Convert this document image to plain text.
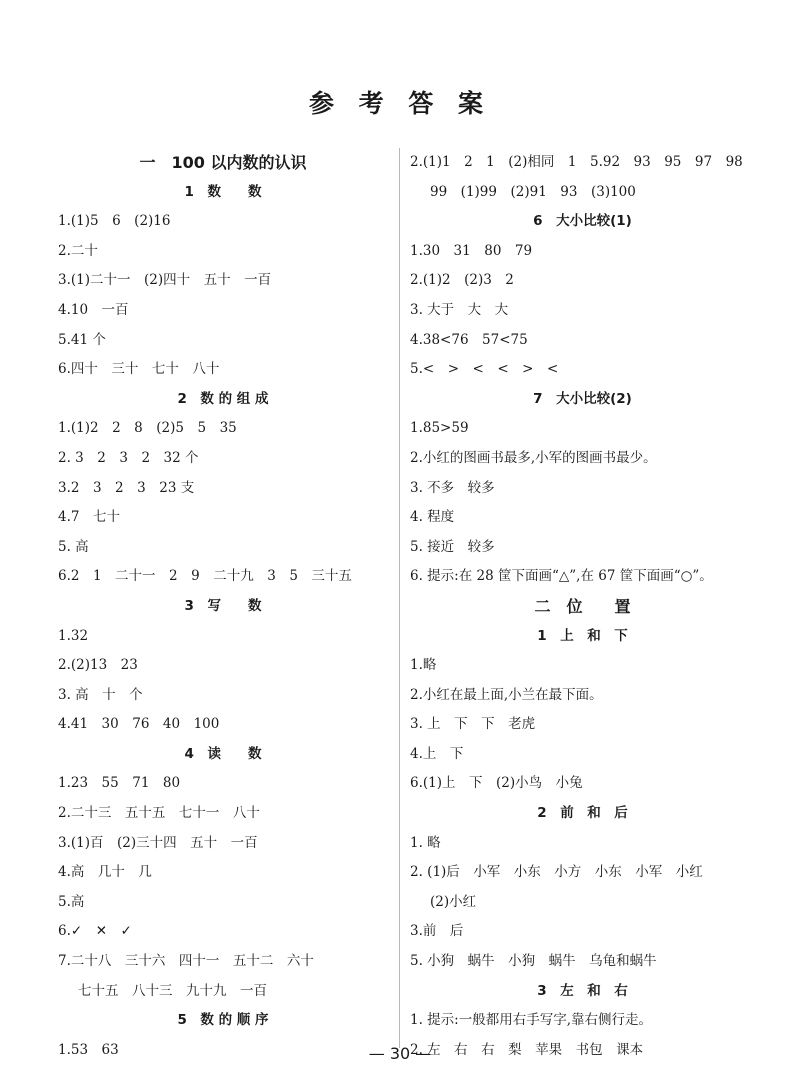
参 考 答 案
一　100 以内数的认识
1　数　　数
1.(1)5　6　(2)16
2.二十
3.(1)二十一　(2)四十　五十　一百
4.10　一百
5.41 个
6.四十　三十　七十　八十
2　数 的 组 成
1.(1)2　2　8　(2)5　5　35
2. 3　2　3　2　32 个
3.2　3　2　3　23 支
4.7　七十
5. 高
6.2　1　二十一　2　9　二十九　3　5　三十五
3　写　　数
1.32
2.(2)13　23
3. 高　十　个
4.41　30　76　40　100
4　读　　数
1.23　55　71　80
2.二十三　五十五　七十一　八十
3.(1)百　(2)三十四　五十　一百
4.高　几十　几
5.高
6.✓　✕　✓
7.二十八　三十六　四十一　五十二　六十
七十五　八十三　九十九　一百
5　数 的 顺 序
1.53　63
2.(1)1　2　1　(2)相同　1　5.92　93　95　97　98
99　(1)99　(2)91　93　(3)100
6　大小比较(1)
1.30　31　80　79
2.(1)2　(2)3　2
3. 大于　大　大
4.38<76　57<75
5.<　>　<　<　>　<
7　大小比较(2)
1.85>59
2.小红的图画书最多,小军的图画书最少。
3. 不多　较多
4. 程度
5. 接近　较多
6. 提示:在 28 筐下面画“△”,在 67 筐下面画“○”。
二　位　　置
1　上　和　下
1.略
2.小红在最上面,小兰在最下面。
3. 上　下　下　老虎
4.上　下
6.(1)上　下　(2)小鸟　小兔
2　前　和　后
1. 略
2. (1)后　小军　小东　小方　小东　小军　小红
(2)小红
3.前　后
5. 小狗　蜗牛　小狗　蜗牛　乌龟和蜗牛
3　左　和　右
1. 提示:一般都用右手写字,靠右侧行走。
2. 左　右　右　梨　苹果　书包　课本
— 30 —
